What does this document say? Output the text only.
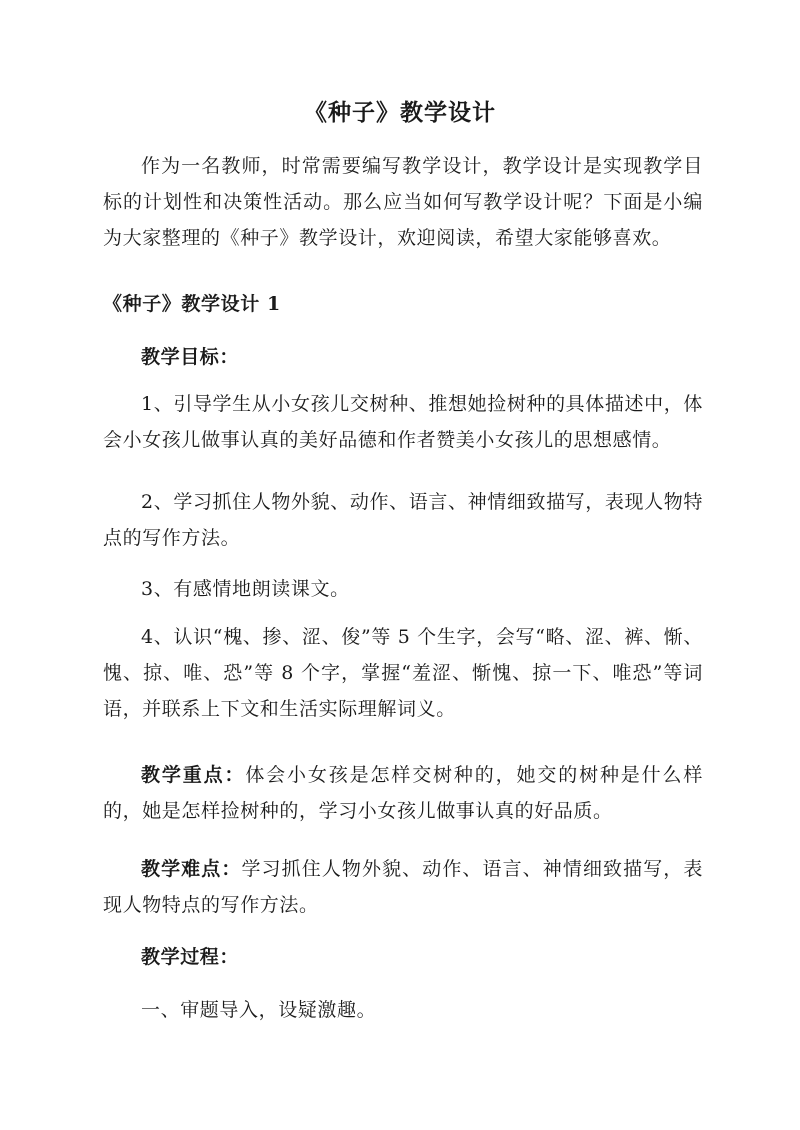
《种子》教学设计

作为一名教师，时常需要编写教学设计，教学设计是实现教学目标的计划性和决策性活动。那么应当如何写教学设计呢？下面是小编为大家整理的《种子》教学设计，欢迎阅读，希望大家能够喜欢。

《种子》教学设计 1

教学目标：

1、引导学生从小女孩儿交树种、推想她捡树种的具体描述中，体会小女孩儿做事认真的美好品德和作者赞美小女孩儿的思想感情。

2、学习抓住人物外貌、动作、语言、神情细致描写，表现人物特点的写作方法。

3、有感情地朗读课文。

4、认识“槐、掺、涩、俊”等 5 个生字，会写“略、涩、裤、惭、愧、掠、唯、恐”等 8 个字，掌握“羞涩、惭愧、掠一下、唯恐”等词语，并联系上下文和生活实际理解词义。

教学重点：体会小女孩是怎样交树种的，她交的树种是什么样的，她是怎样捡树种的，学习小女孩儿做事认真的好品质。

教学难点：学习抓住人物外貌、动作、语言、神情细致描写，表现人物特点的写作方法。

教学过程：

一、审题导入，设疑激趣。
